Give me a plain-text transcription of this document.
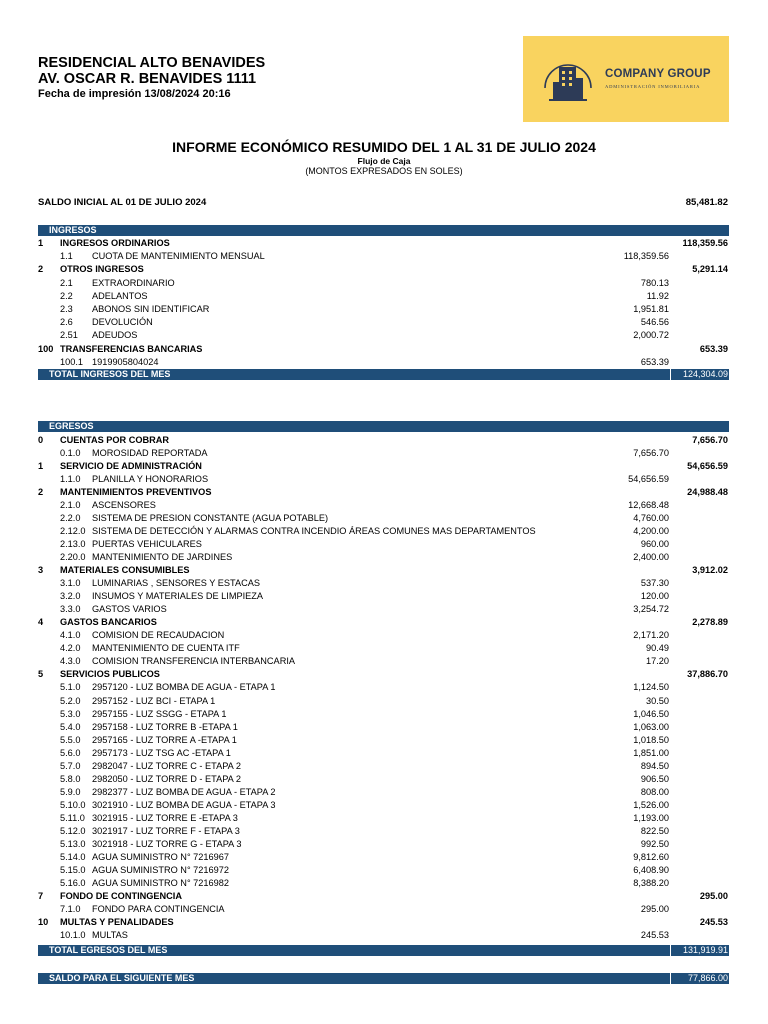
RESIDENCIAL ALTO BENAVIDES
AV. OSCAR R. BENAVIDES 1111
Fecha de impresión 13/08/2024 20:16
COMPANY GROUP
ADMINISTRACIÓN INMOBILIARIA
INFORME ECONÓMICO RESUMIDO DEL 1 AL 31 DE JULIO 2024
Flujo de Caja
(MONTOS EXPRESADOS EN SOLES)
SALDO INICIAL AL 01 DE JULIO 2024	85,481.82
INGRESOS
1 INGRESOS ORDINARIOS	118,359.56
1.1 CUOTA DE MANTENIMIENTO MENSUAL	118,359.56
2 OTROS INGRESOS	5,291.14
2.1 EXTRAORDINARIO	780.13
2.2 ADELANTOS	11.92
2.3 ABONOS SIN IDENTIFICAR	1,951.81
2.6 DEVOLUCIÓN	546.56
2.51 ADEUDOS	2,000.72
100 TRANSFERENCIAS BANCARIAS	653.39
100.1 1919905804024	653.39
TOTAL INGRESOS DEL MES	124,304.09
EGRESOS
0 CUENTAS POR COBRAR	7,656.70
0.1.0 MOROSIDAD REPORTADA	7,656.70
1 SERVICIO DE ADMINISTRACIÓN	54,656.59
1.1.0 PLANILLA Y HONORARIOS	54,656.59
2 MANTENIMIENTOS PREVENTIVOS	24,988.48
2.1.0 ASCENSORES	12,668.48
2.2.0 SISTEMA DE PRESION CONSTANTE (AGUA POTABLE)	4,760.00
2.12.0 SISTEMA DE DETECCIÓN Y ALARMAS CONTRA INCENDIO ÁREAS COMUNES MAS DEPARTAMENTOS	4,200.00
2.13.0 PUERTAS VEHICULARES	960.00
2.20.0 MANTENIMIENTO DE JARDINES	2,400.00
3 MATERIALES CONSUMIBLES	3,912.02
3.1.0 LUMINARIAS , SENSORES Y ESTACAS	537.30
3.2.0 INSUMOS Y MATERIALES DE LIMPIEZA	120.00
3.3.0 GASTOS VARIOS	3,254.72
4 GASTOS BANCARIOS	2,278.89
4.1.0 COMISION DE RECAUDACION	2,171.20
4.2.0 MANTENIMIENTO DE CUENTA ITF	90.49
4.3.0 COMISION TRANSFERENCIA INTERBANCARIA	17.20
5 SERVICIOS PUBLICOS	37,886.70
5.1.0 2957120 - LUZ BOMBA DE AGUA - ETAPA 1	1,124.50
5.2.0 2957152 - LUZ BCI - ETAPA 1	30.50
5.3.0 2957155 - LUZ SSGG - ETAPA 1	1,046.50
5.4.0 2957158 - LUZ TORRE B -ETAPA 1	1,063.00
5.5.0 2957165 - LUZ TORRE A -ETAPA 1	1,018.50
5.6.0 2957173 - LUZ TSG AC -ETAPA 1	1,851.00
5.7.0 2982047 - LUZ TORRE C - ETAPA 2	894.50
5.8.0 2982050 - LUZ TORRE D - ETAPA 2	906.50
5.9.0 2982377 - LUZ BOMBA DE AGUA - ETAPA 2	808.00
5.10.0 3021910 - LUZ BOMBA DE AGUA - ETAPA 3	1,526.00
5.11.0 3021915 - LUZ TORRE E -ETAPA 3	1,193.00
5.12.0 3021917 - LUZ TORRE F - ETAPA 3	822.50
5.13.0 3021918 - LUZ TORRE G - ETAPA 3	992.50
5.14.0 AGUA SUMINISTRO N° 7216967	9,812.60
5.15.0 AGUA SUMINISTRO N° 7216972	6,408.90
5.16.0 AGUA SUMINISTRO N° 7216982	8,388.20
7 FONDO DE CONTINGENCIA	295.00
7.1.0 FONDO PARA CONTINGENCIA	295.00
10 MULTAS Y PENALIDADES	245.53
10.1.0 MULTAS	245.53
TOTAL EGRESOS DEL MES	131,919.91
SALDO PARA EL SIGUIENTE MES	77,866.00
